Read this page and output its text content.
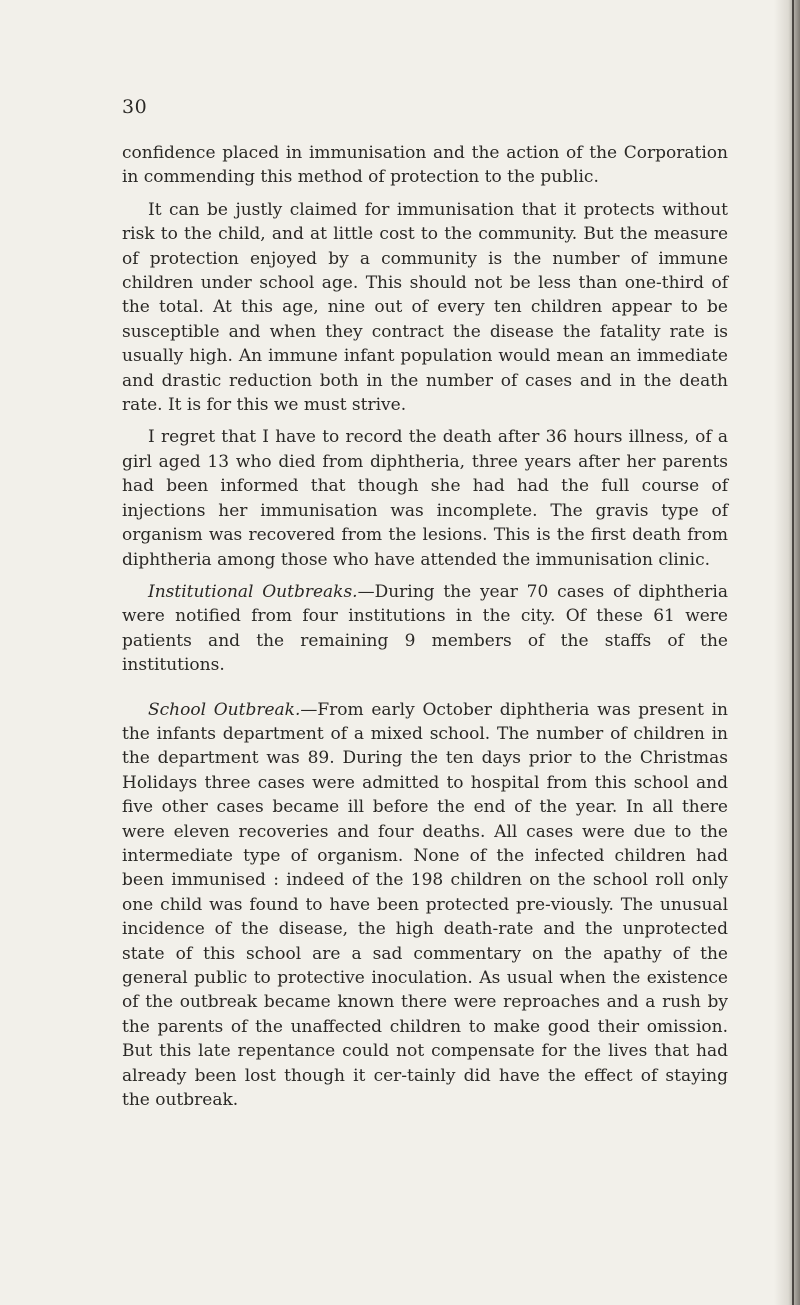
30

confidence placed in immunisation and the action of the Corporation in commending this method of protection to the public.

It can be justly claimed for immunisation that it protects without risk to the child, and at little cost to the community. But the measure of protection enjoyed by a community is the number of immune children under school age. This should not be less than one-third of the total. At this age, nine out of every ten children appear to be susceptible and when they contract the disease the fatality rate is usually high. An immune infant population would mean an immediate and drastic reduction both in the number of cases and in the death rate. It is for this we must strive.

I regret that I have to record the death after 36 hours illness, of a girl aged 13 who died from diphtheria, three years after her parents had been informed that though she had had the full course of injections her immunisation was incomplete. The gravis type of organism was recovered from the lesions. This is the first death from diphtheria among those who have attended the immunisation clinic.

Institutional Outbreaks.—During the year 70 cases of diphtheria were notified from four institutions in the city. Of these 61 were patients and the remaining 9 members of the staffs of the institutions.

School Outbreak.—From early October diphtheria was present in the infants department of a mixed school. The number of children in the department was 89. During the ten days prior to the Christmas Holidays three cases were admitted to hospital from this school and five other cases became ill before the end of the year. In all there were eleven recoveries and four deaths. All cases were due to the intermediate type of organism. None of the infected children had been immunised : indeed of the 198 children on the school roll only one child was found to have been protected pre-viously. The unusual incidence of the disease, the high death-rate and the unprotected state of this school are a sad commentary on the apathy of the general public to protective inoculation. As usual when the existence of the outbreak became known there were reproaches and a rush by the parents of the unaffected children to make good their omission. But this late repentance could not compensate for the lives that had already been lost though it cer-tainly did have the effect of staying the outbreak.
